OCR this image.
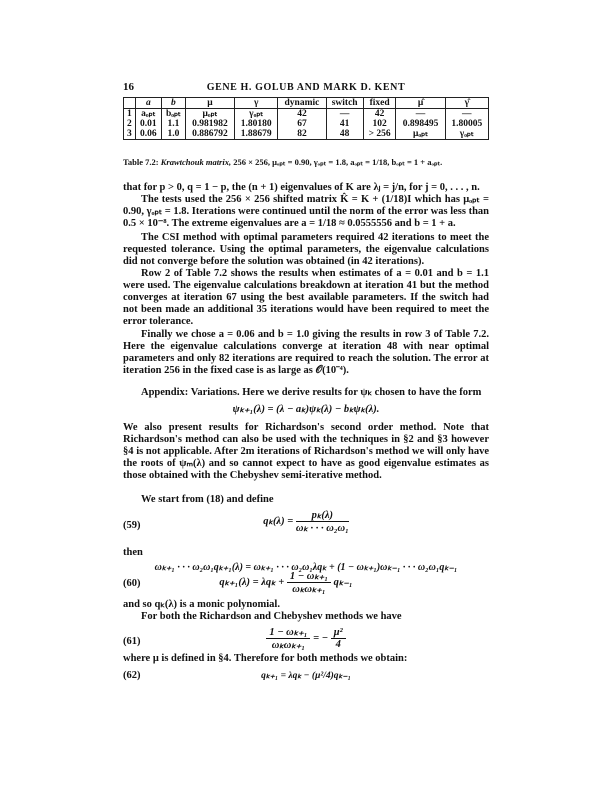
16	GENE H. GOLUB AND MARK D. KENT
	a	b	μ	γ	dynamic	switch	fixed	μ̂	γ̂
1	aₒₚₜ	bₒₚₜ	μₒₚₜ	γₒₚₜ	42	—	42	—	—
2	0.01	1.1	0.981982	1.80180	67	41	102	0.898495	1.80005
3	0.06	1.0	0.886792	1.88679	82	48	> 256	μₒₚₜ	γₒₚₜ
Table 7.2: Krawtchouk matrix, 256 × 256, μₒₚₜ = 0.90, γₒₚₜ = 1.8, aₒₚₜ = 1/18, bₒₚₜ = 1 + aₒₚₜ.
that for p > 0, q = 1 − p, the (n + 1) eigenvalues of K are λⱼ = j/n, for j = 0, . . . , n.
The tests used the 256 × 256 shifted matrix K̂ = K + (1/18)I which has μₒₚₜ = 0.90, γₒₚₜ = 1.8. Iterations were continued until the norm of the error was less than 0.5 × 10⁻⁸. The extreme eigenvalues are a = 1/18 ≈ 0.0555556 and b = 1 + a.
The CSI method with optimal parameters required 42 iterations to meet the requested tolerance. Using the optimal parameters, the eigenvalue calculations did not converge before the solution was obtained (in 42 iterations).
Row 2 of Table 7.2 shows the results when estimates of a = 0.01 and b = 1.1 were used. The eigenvalue calculations breakdown at iteration 41 but the method converges at iteration 67 using the best available parameters. If the switch had not been made an additional 35 iterations would have been required to meet the error tolerance.
Finally we chose a = 0.06 and b = 1.0 giving the results in row 3 of Table 7.2. Here the eigenvalue calculations converge at iteration 48 with near optimal parameters and only 82 iterations are required to reach the solution. The error at iteration 256 in the fixed case is as large as 𝒪(10⁻⁴).
Appendix: Variations. Here we derive results for ψₖ chosen to have the form
ψₖ₊₁(λ) = (λ − aₖ)ψₖ(λ) − bₖψₖ(λ).
We also present results for Richardson's second order method. Note that Richardson's method can also be used with the techniques in §2 and §3 however §4 is not applicable. After 2m iterations of Richardson's method we will only have the roots of ψₘ(λ) and so cannot expect to have as good eigenvalue estimates as those obtained with the Chebyshev semi-iterative method.
We start from (18) and define
(59)	$q_k(\lambda) = \frac{\text{pₖ(λ)}}{\text{ωₖ · · · ω₂ω₁}}$
then
ωₖ₊₁ · · · ω₂ω₁qₖ₊₁(λ) = ωₖ₊₁ · · · ω₂ω₁λqₖ + (1 − ωₖ₊₁)ωₖ₋₁ · · · ω₂ω₁qₖ₋₁
(60)	$q_{k+1}(\lambda) = \lambda q_k + \frac{\text{1 − ωₖ₊₁}}{\text{ωₖωₖ₊₁}} q_{k-1}$
and so qₖ(λ) is a monic polynomial.
For both the Richardson and Chebyshev methods we have
(61)	$\frac{\text{1 − ωₖ₊₁}}{\text{ωₖωₖ₊₁}}$ = − $\frac{\text{μ²}}{4}$
where μ is defined in §4. Therefore for both methods we obtain:
(62)	qₖ₊₁ = λqₖ − (μ²/4)qₖ₋₁
